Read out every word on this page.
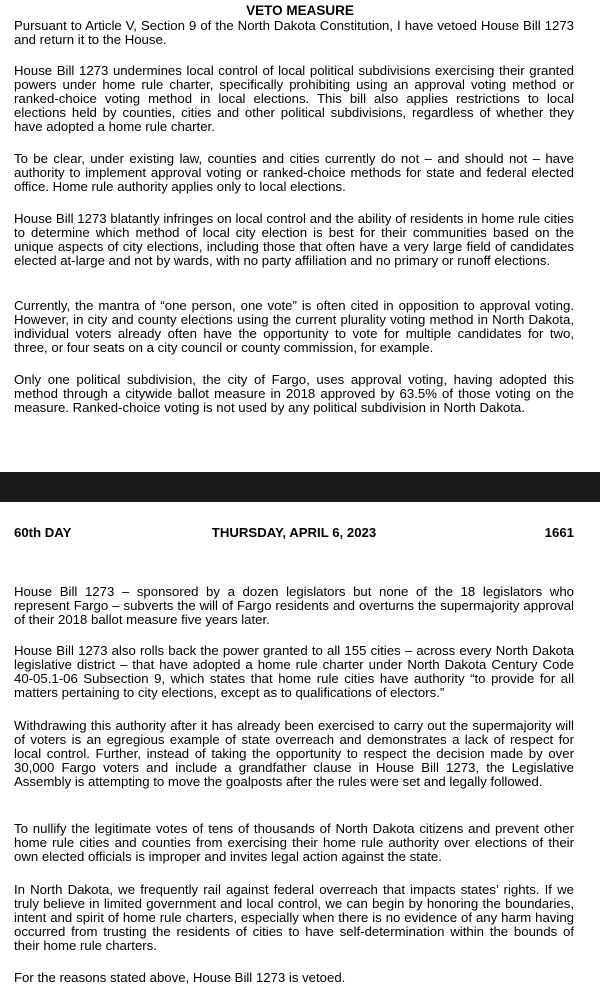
VETO MEASURE

Pursuant to Article V, Section 9 of the North Dakota Constitution, I have vetoed House Bill 1273 and return it to the House.

House Bill 1273 undermines local control of local political subdivisions exercising their granted powers under home rule charter, specifically prohibiting using an approval voting method or ranked-choice voting method in local elections. This bill also applies restrictions to local elections held by counties, cities and other political subdivisions, regardless of whether they have adopted a home rule charter.

To be clear, under existing law, counties and cities currently do not – and should not – have authority to implement approval voting or ranked-choice methods for state and federal elected office. Home rule authority applies only to local elections.

House Bill 1273 blatantly infringes on local control and the ability of residents in home rule cities to determine which method of local city election is best for their communities based on the unique aspects of city elections, including those that often have a very large field of candidates elected at-large and not by wards, with no party affiliation and no primary or runoff elections.

Currently, the mantra of “one person, one vote” is often cited in opposition to approval voting. However, in city and county elections using the current plurality voting method in North Dakota, individual voters already often have the opportunity to vote for multiple candidates for two, three, or four seats on a city council or county commission, for example.

Only one political subdivision, the city of Fargo, uses approval voting, having adopted this method through a citywide ballot measure in 2018 approved by 63.5% of those voting on the measure. Ranked-choice voting is not used by any political subdivision in North Dakota.

60th DAY	THURSDAY, APRIL 6, 2023	1661

House Bill 1273 – sponsored by a dozen legislators but none of the 18 legislators who represent Fargo – subverts the will of Fargo residents and overturns the supermajority approval of their 2018 ballot measure five years later.

House Bill 1273 also rolls back the power granted to all 155 cities – across every North Dakota legislative district – that have adopted a home rule charter under North Dakota Century Code 40-05.1-06 Subsection 9, which states that home rule cities have authority “to provide for all matters pertaining to city elections, except as to qualifications of electors.”

Withdrawing this authority after it has already been exercised to carry out the supermajority will of voters is an egregious example of state overreach and demonstrates a lack of respect for local control. Further, instead of taking the opportunity to respect the decision made by over 30,000 Fargo voters and include a grandfather clause in House Bill 1273, the Legislative Assembly is attempting to move the goalposts after the rules were set and legally followed.

To nullify the legitimate votes of tens of thousands of North Dakota citizens and prevent other home rule cities and counties from exercising their home rule authority over elections of their own elected officials is improper and invites legal action against the state.

In North Dakota, we frequently rail against federal overreach that impacts states’ rights. If we truly believe in limited government and local control, we can begin by honoring the boundaries, intent and spirit of home rule charters, especially when there is no evidence of any harm having occurred from trusting the residents of cities to have self-determination within the bounds of their home rule charters.

For the reasons stated above, House Bill 1273 is vetoed.
